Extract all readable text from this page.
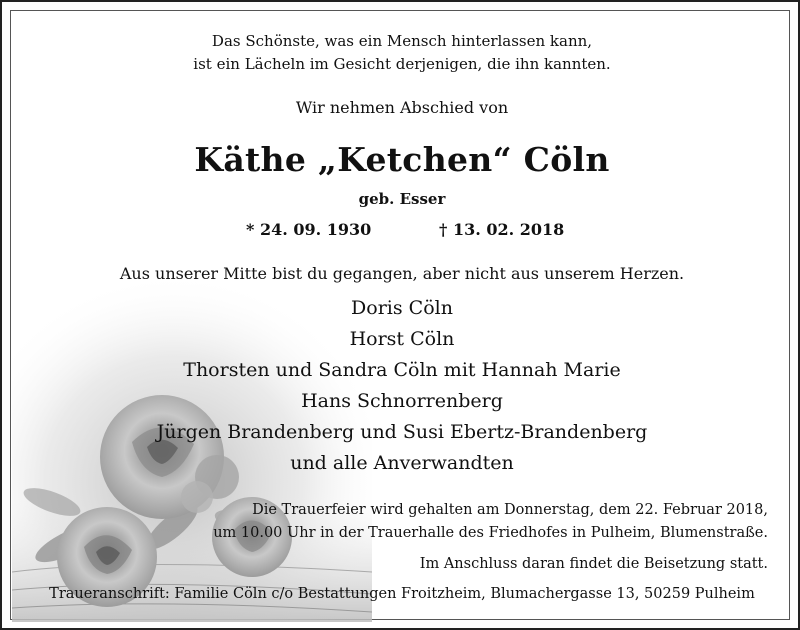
Das Schönste, was ein Mensch hinterlassen kann,
ist ein Lächeln im Gesicht derjenigen, die ihn kannten.
Wir nehmen Abschied von
Käthe „Ketchen“ Cöln
geb. Esser
* 24. 09. 1930	† 13. 02. 2018
Aus unserer Mitte bist du gegangen, aber nicht aus unserem Herzen.
Doris Cöln
Horst Cöln
Thorsten und Sandra Cöln mit Hannah Marie
Hans Schnorrenberg
Jürgen Brandenberg und Susi Ebertz-Brandenberg
und alle Anverwandten
Die Trauerfeier wird gehalten am Donnerstag, dem 22. Februar 2018,
um 10.00 Uhr in der Trauerhalle des Friedhofes in Pulheim, Blumenstraße.
Im Anschluss daran findet die Beisetzung statt.
Traueranschrift: Familie Cöln c/o Bestattungen Froitzheim, Blumachergasse 13, 50259 Pulheim
